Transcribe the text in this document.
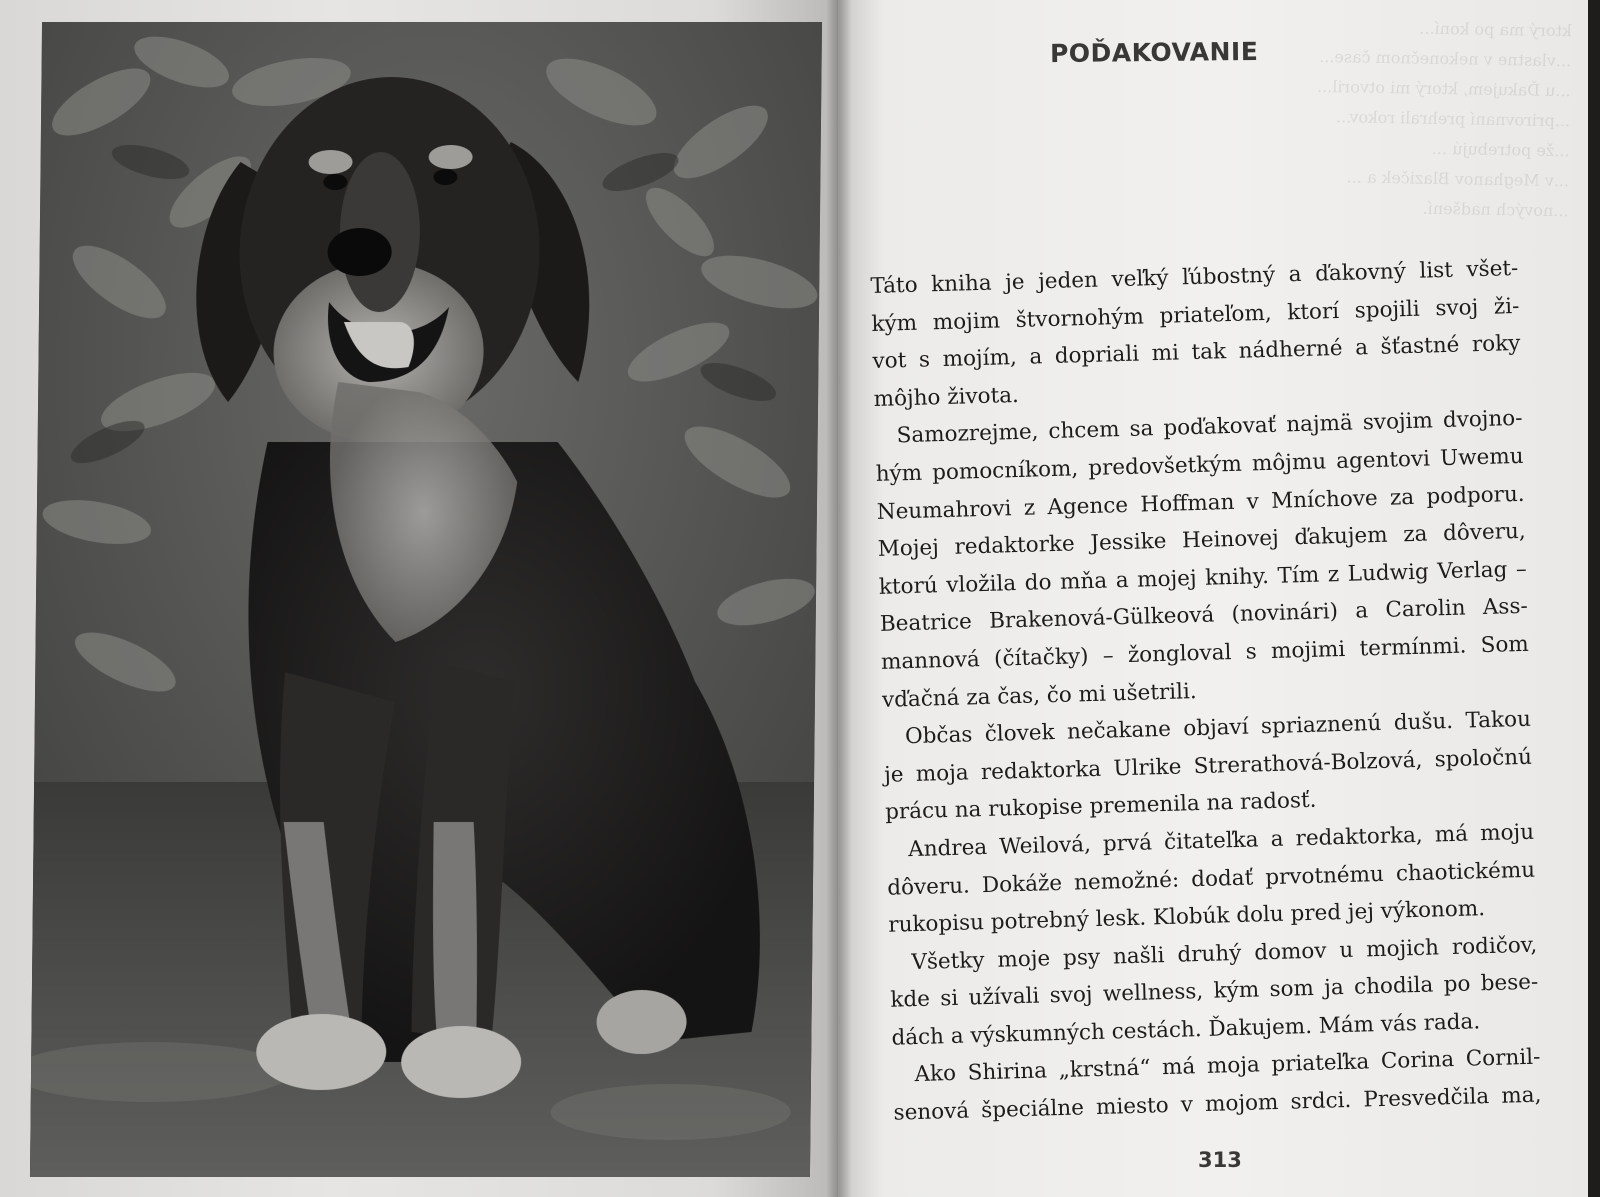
ktorý ma po koní...
...vlastne v nekonečnom čase...
...u Ďakujem, ktorý mi otvoril...
...prirovnaní prehrali rokov...
...že potrebujú ...
...v Meghanov Blaziček a ...
...nových nadšení.
POĎAKOVANIE
Táto kniha je jeden veľký ľúbostný a ďakovný list všet-
kým mojim štvornohým priateľom, ktorí spojili svoj ži-
vot s mojím, a dopriali mi tak nádherné a šťastné roky
môjho života.
Samozrejme, chcem sa poďakovať najmä svojim dvojno-
hým pomocníkom, predovšetkým môjmu agentovi Uwemu
Neumahrovi z Agence Hoffman v Mníchove za podporu.
Mojej redaktorke Jessike Heinovej ďakujem za dôveru,
ktorú vložila do mňa a mojej knihy. Tím z Ludwig Verlag –
Beatrice Brakenová-Gülkeová (novinári) a Carolin Ass-
mannová (čítačky) – žongloval s mojimi termínmi. Som
vďačná za čas, čo mi ušetrili.
Občas človek nečakane objaví spriaznenú dušu. Takou
je moja redaktorka Ulrike Strerathová-Bolzová, spoločnú
prácu na rukopise premenila na radosť.
Andrea Weilová, prvá čitateľka a redaktorka, má moju
dôveru. Dokáže nemožné: dodať prvotnému chaotickému
rukopisu potrebný lesk. Klobúk dolu pred jej výkonom.
Všetky moje psy našli druhý domov u mojich rodičov,
kde si užívali svoj wellness, kým som ja chodila po bese-
dách a výskumných cestách. Ďakujem. Mám vás rada.
Ako Shirina „krstná“ má moja priateľka Corina Cornil-
senová špeciálne miesto v mojom srdci. Presvedčila ma,
313
